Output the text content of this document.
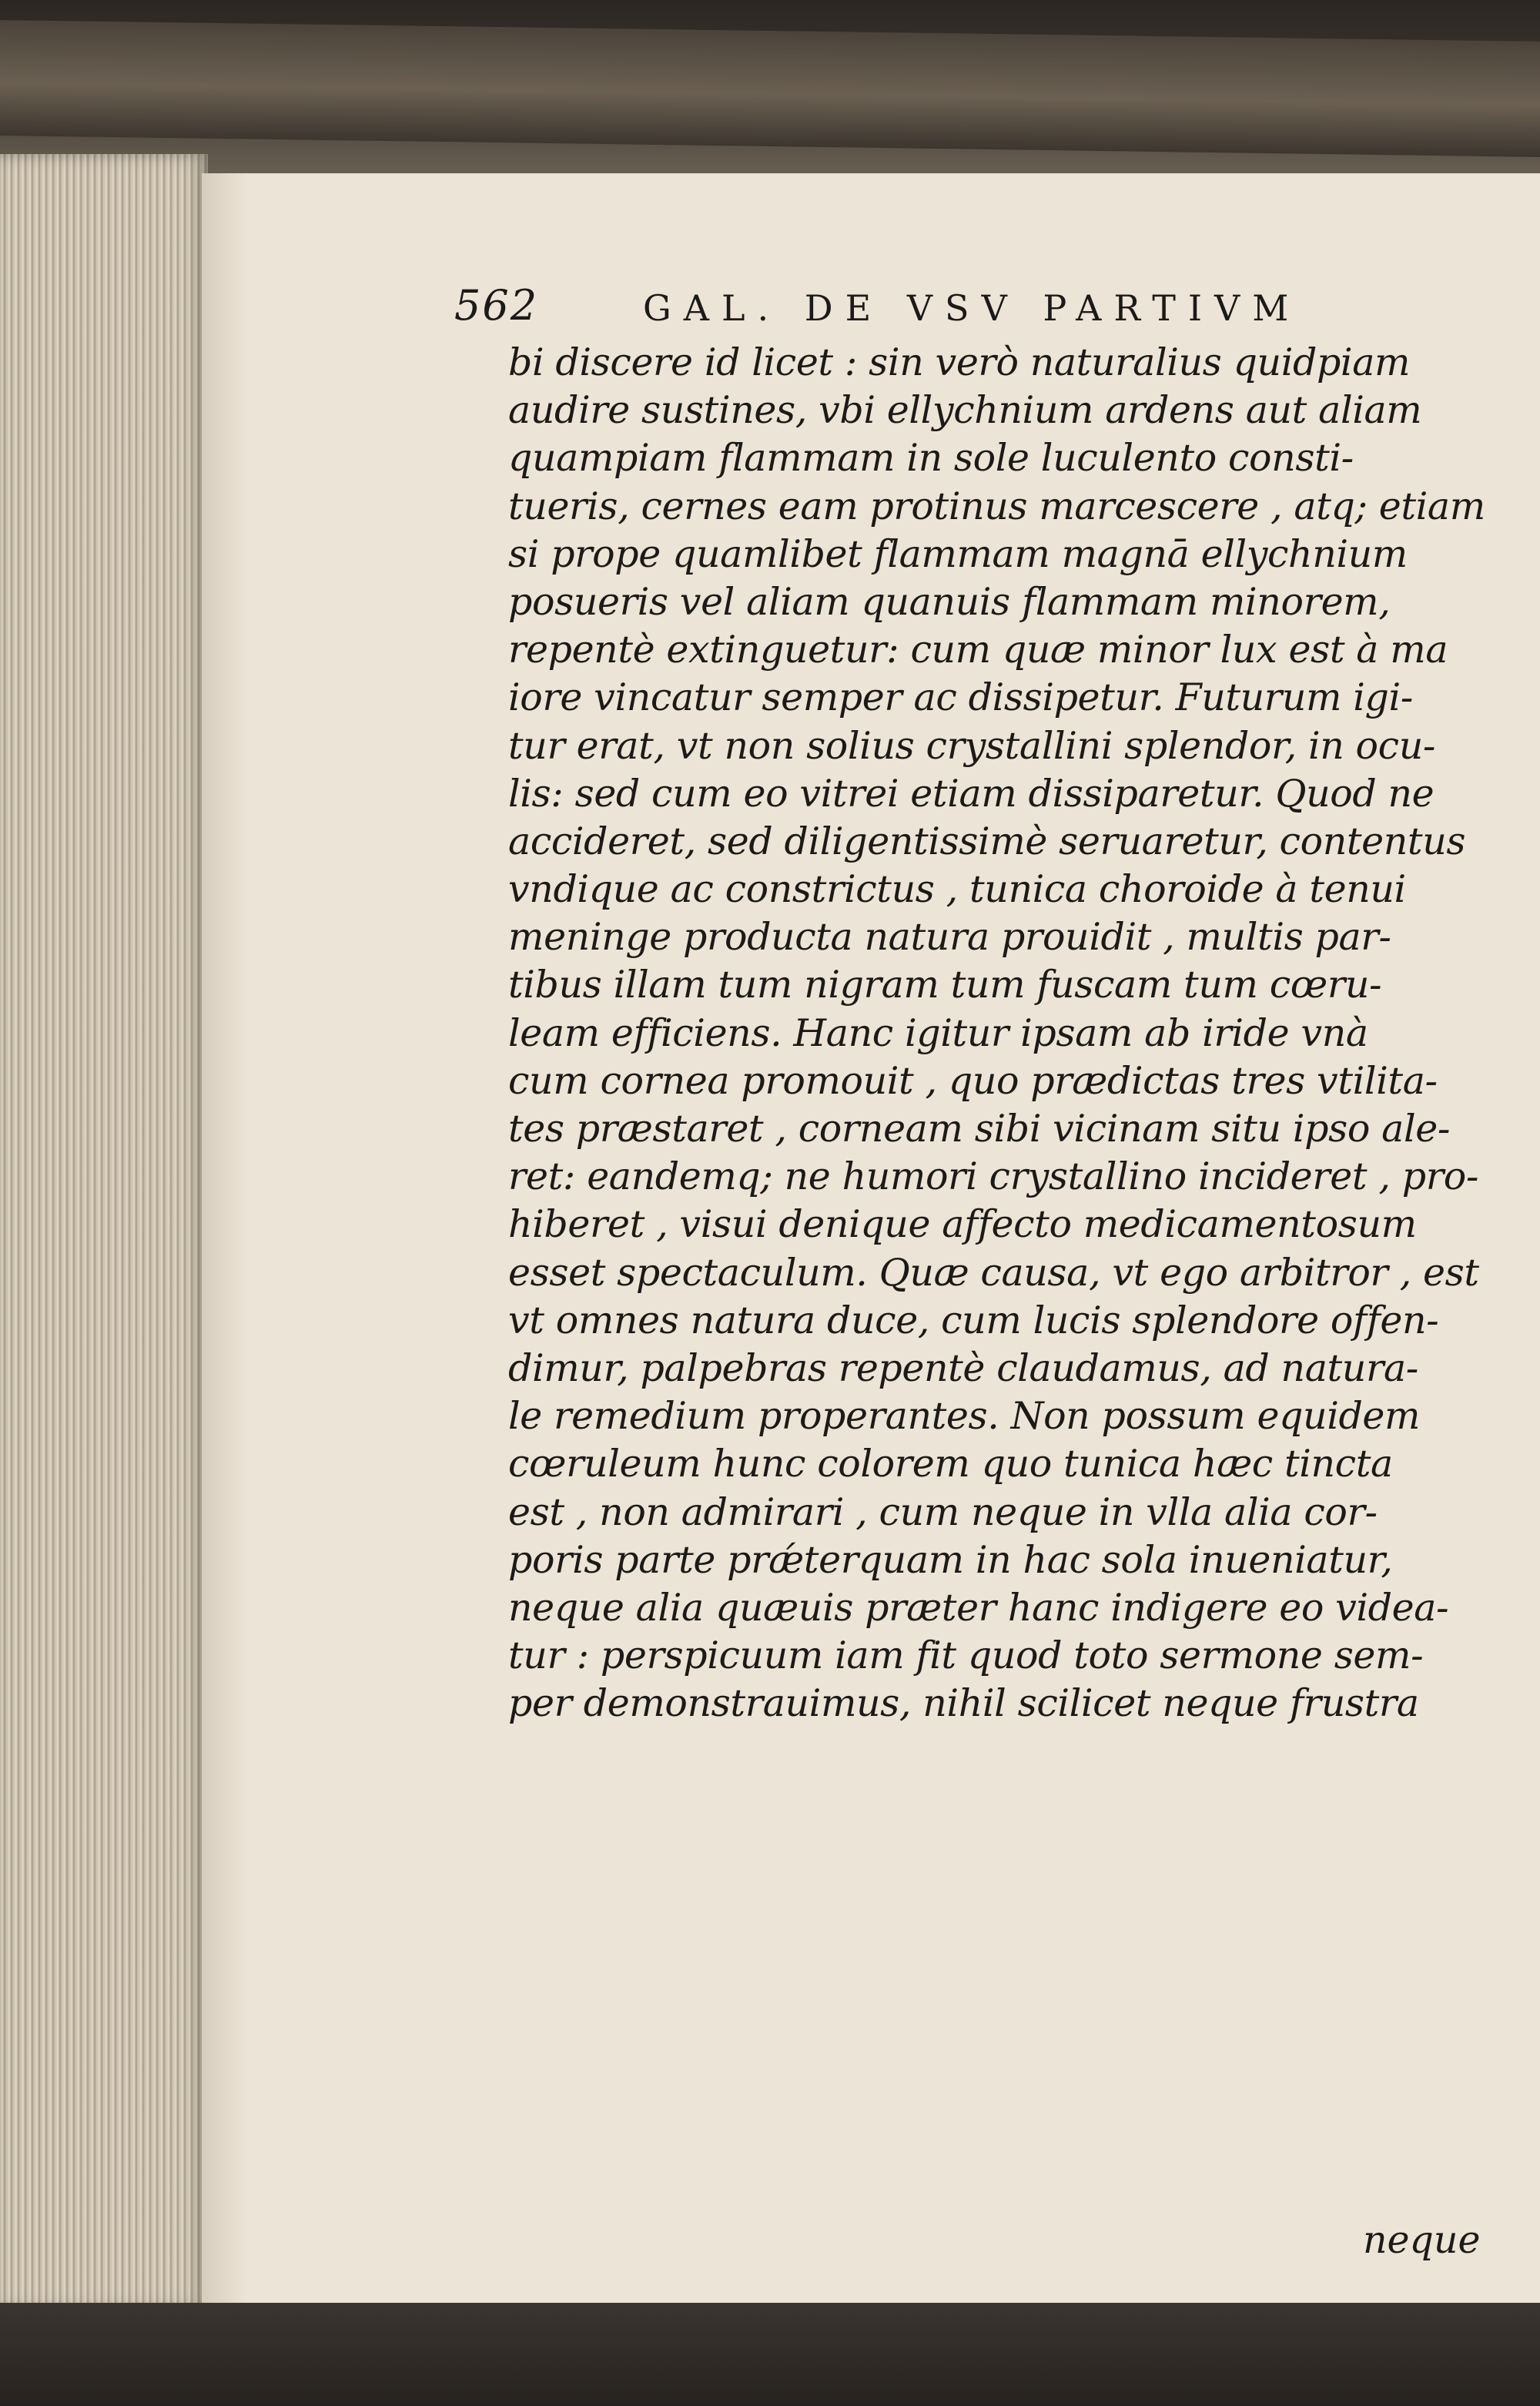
562	GAL. DE VSV PARTIVM
bi discere id licet : sin verò naturalius quidpiam
audire sustines, vbi ellychnium ardens aut aliam
quampiam flammam in sole luculento consti-
tueris, cernes eam protinus marcescere , atq; etiam
si prope quamlibet flammam magnā ellychnium
posueris vel aliam quanuis flammam minorem,
repentè extinguetur: cum quæ minor lux est à ma
iore vincatur semper ac dissipetur. Futurum igi-
tur erat, vt non solius crystallini splendor, in ocu-
lis: sed cum eo vitrei etiam dissiparetur. Quod ne
accideret, sed diligentissimè seruaretur, contentus
vndique ac constrictus , tunica choroide à tenui
meninge producta natura prouidit , multis par-
tibus illam tum nigram tum fuscam tum cœru-
leam efficiens. Hanc igitur ipsam ab iride vnà
cum cornea promouit , quo prædictas tres vtilita-
tes præstaret , corneam sibi vicinam situ ipso ale-
ret: eandemq; ne humori crystallino incideret , pro-
hiberet , visui denique affecto medicamentosum
esset spectaculum. Quæ causa, vt ego arbitror , est
vt omnes natura duce, cum lucis splendore offen-
dimur, palpebras repentè claudamus, ad natura-
le remedium properantes. Non possum equidem
cœruleum hunc colorem quo tunica hæc tincta
est , non admirari , cum neque in vlla alia cor-
poris parte prǽterquam in hac sola inueniatur,
neque alia quæuis præter hanc indigere eo videa-
tur : perspicuum iam fit quod toto sermone sem-
per demonstrauimus, nihil scilicet neque frustra
neque
